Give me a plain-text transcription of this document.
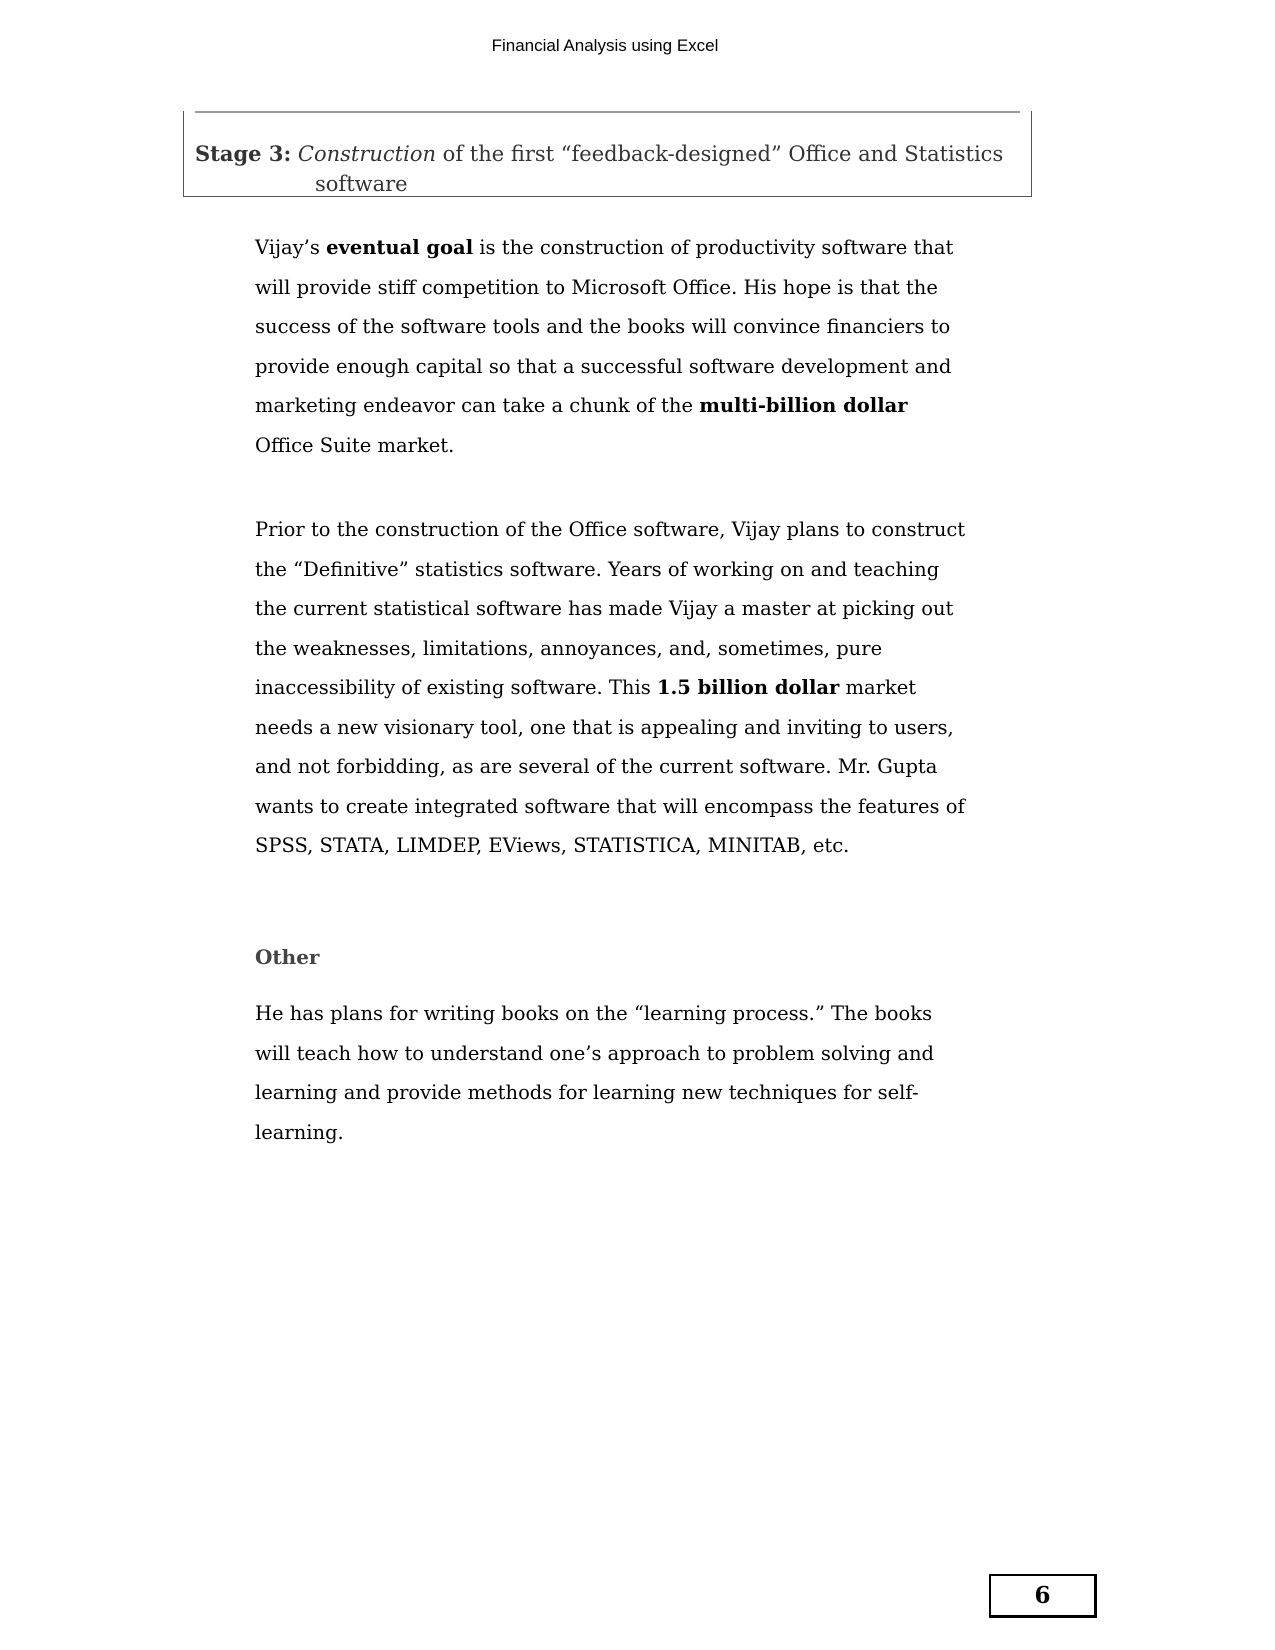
Financial Analysis using Excel

Stage 3: Construction of the first “feedback-designed” Office and Statistics
software

Vijay’s eventual goal is the construction of productivity software that will provide stiff competition to Microsoft Office. His hope is that the success of the software tools and the books will convince financiers to provide enough capital so that a successful software development and marketing endeavor can take a chunk of the multi-billion dollar Office Suite market.

Prior to the construction of the Office software, Vijay plans to construct the “Definitive” statistics software. Years of working on and teaching the current statistical software has made Vijay a master at picking out the weaknesses, limitations, annoyances, and, sometimes, pure inaccessibility of existing software. This 1.5 billion dollar market needs a new visionary tool, one that is appealing and inviting to users, and not forbidding, as are several of the current software. Mr. Gupta wants to create integrated software that will encompass the features of SPSS, STATA, LIMDEP, EViews, STATISTICA, MINITAB, etc.

Other

He has plans for writing books on the “learning process.” The books will teach how to understand one’s approach to problem solving and learning and provide methods for learning new techniques for self-learning.

6
